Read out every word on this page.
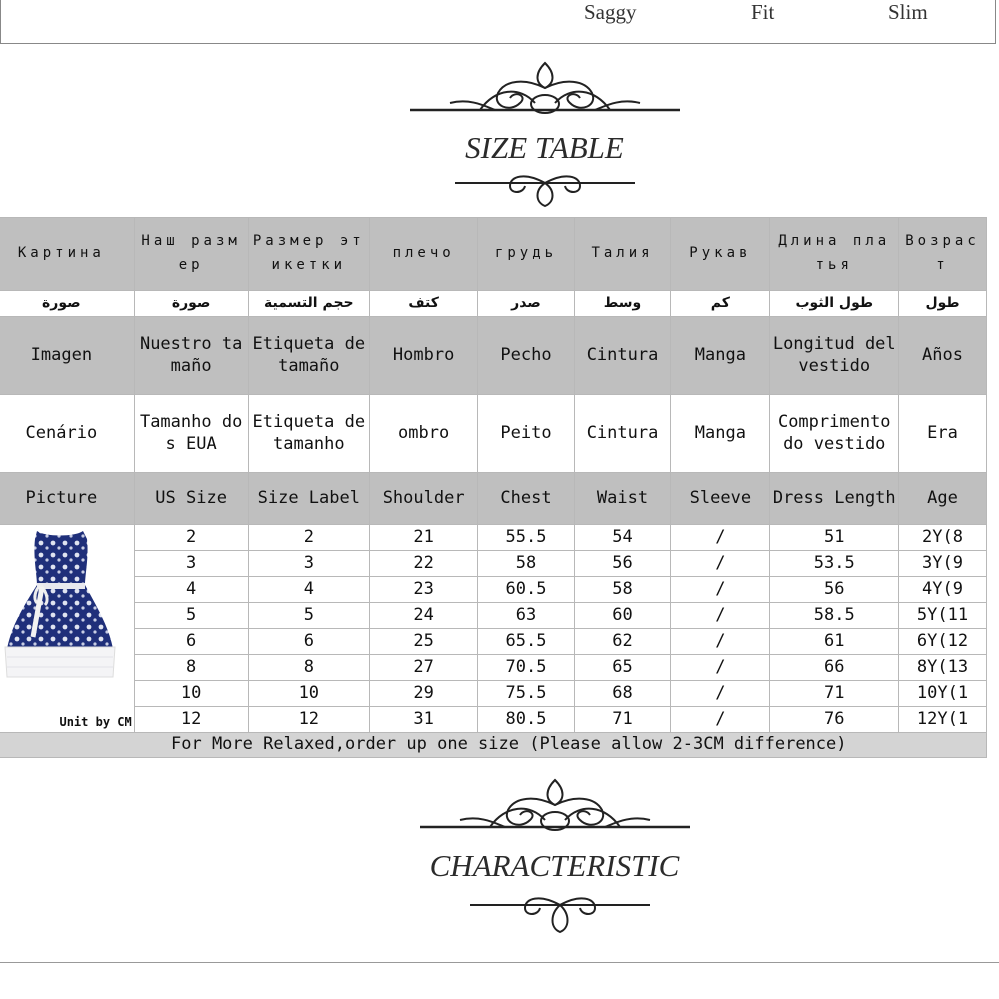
Saggy	Fit	Slim
SIZE TABLE
Картина	Наш размер	Размер этикетки	плечо	грудь	Талия	Рукав	Длина платья	Возраст
صورة	صورة	حجم التسمية	كتف	صدر	وسط	كم	طول الثوب	طول
Imagen	Nuestro tamaño	Etiqueta de tamaño	Hombro	Pecho	Cintura	Manga	Longitud del vestido	Años
Cenário	Tamanho dos EUA	Etiqueta de tamanho	ombro	Peito	Cintura	Manga	Comprimento do vestido	Era
Picture	US Size	Size Label	Shoulder	Chest	Waist	Sleeve	Dress Length	Age

Unit by CM	2	2	21	55.5	54	/	51	2Y(8
	3	3	22	58	56	/	53.5	3Y(9
	4	4	23	60.5	58	/	56	4Y(9
	5	5	24	63	60	/	58.5	5Y(11
	6	6	25	65.5	62	/	61	6Y(12
	8	8	27	70.5	65	/	66	8Y(13
	10	10	29	75.5	68	/	71	10Y(1
	12	12	31	80.5	71	/	76	12Y(1
For More Relaxed,order up one size (Please allow 2-3CM difference)								
CHARACTERISTIC
